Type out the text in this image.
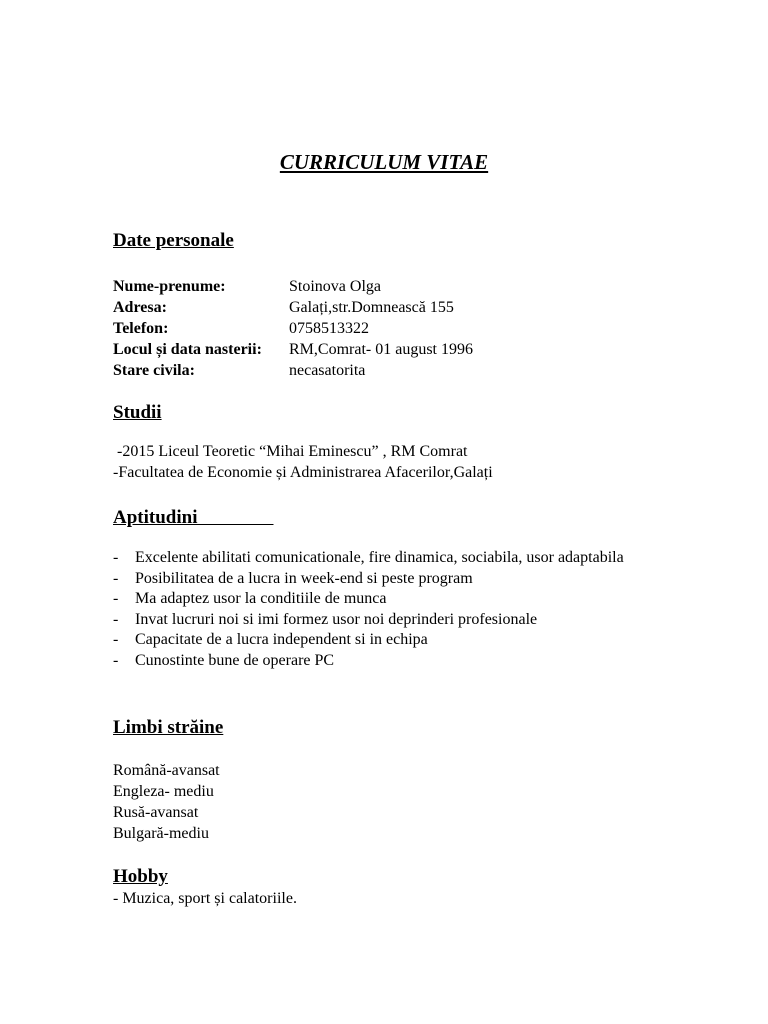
CURRICULUM VITAE
Date personale
Nume-prenume:	Stoinova Olga
Adresa:	Galați,str.Domnească 155
Telefon:	0758513322
Locul și data nasterii: RM,Comrat- 01 august 1996
Stare civila:	necasatorita
Studii
-2015 Liceul Teoretic “Mihai Eminescu” , RM Comrat
-Facultatea de Economie și Administrarea Afacerilor,Galați
Aptitudini
- Excelente abilitati comunicationale, fire dinamica, sociabila, usor adaptabila
- Posibilitatea de a lucra in week-end si peste program
- Ma adaptez usor la conditiile de munca
- Invat lucruri noi si imi formez usor noi deprinderi profesionale
- Capacitate de a lucra independent si in echipa
- Cunostinte bune de operare PC
Limbi străine
Română-avansat
Engleza- mediu
Rusă-avansat
Bulgară-mediu
Hobby
- Muzica, sport și calatoriile.
